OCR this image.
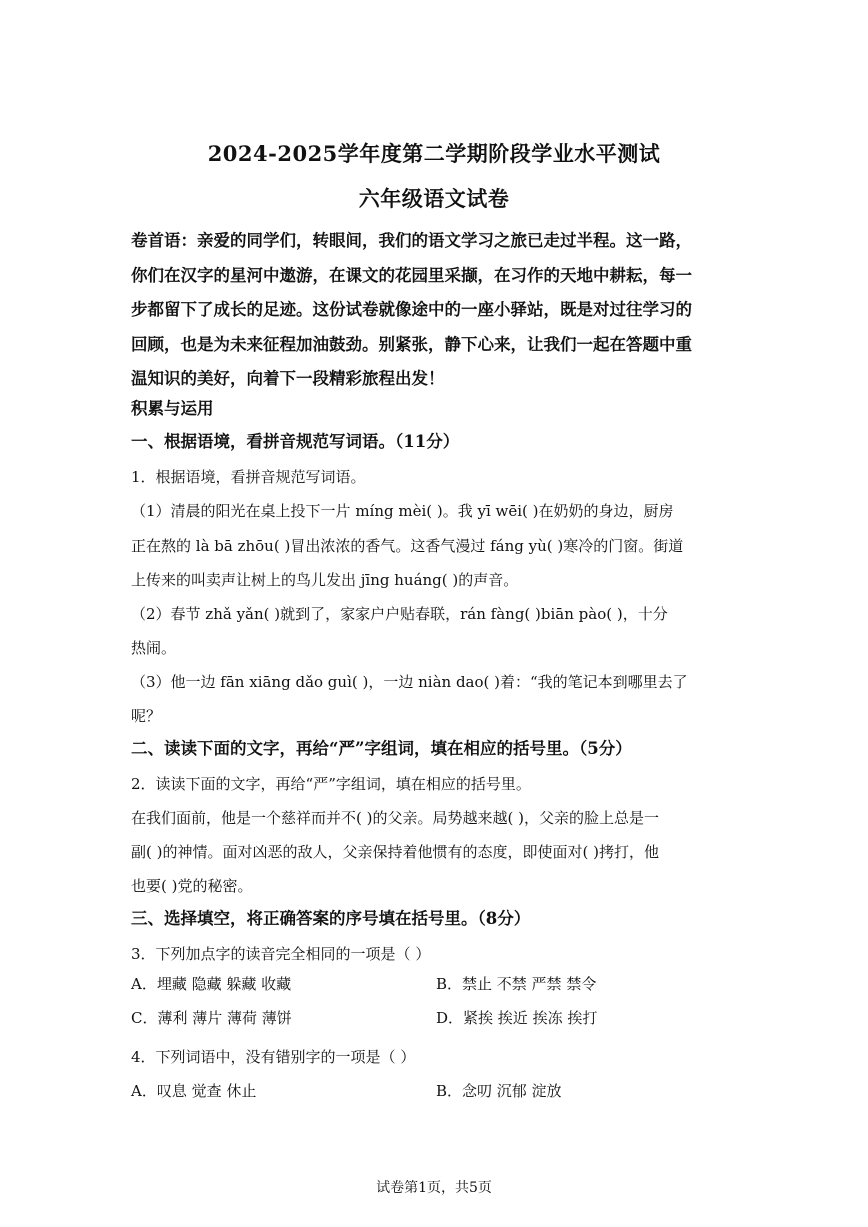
2024-2025学年度第二学期阶段学业水平测试
六年级语文试卷
卷首语：亲爱的同学们，转眼间，我们的语文学习之旅已走过半程。这一路，
你们在汉字的星河中遨游，在课文的花园里采撷，在习作的天地中耕耘，每一
步都留下了成长的足迹。这份试卷就像途中的一座小驿站，既是对过往学习的
回顾，也是为未来征程加油鼓劲。别紧张，静下心来，让我们一起在答题中重
温知识的美好，向着下一段精彩旅程出发！
积累与运用
一、根据语境，看拼音规范写词语。（11分）
1．根据语境，看拼音规范写词语。
（1）清晨的阳光在桌上投下一片 míng mèi( )。我 yī wēi( )在奶奶的身边，厨房
正在熬的 là bā zhōu( )冒出浓浓的香气。这香气漫过 fáng yù( )寒冷的门窗。街道
上传来的叫卖声让树上的鸟儿发出 jīng huáng( )的声音。
（2）春节 zhǎ yǎn( )就到了，家家户户贴春联，rán fàng( )biān pào( )，十分
热闹。
（3）他一边 fān xiāng dǎo guì( )，一边 niàn dao( )着：“我的笔记本到哪里去了
呢？
二、读读下面的文字，再给“严”字组词，填在相应的括号里。（5分）
2．读读下面的文字，再给“严”字组词，填在相应的括号里。
在我们面前，他是一个慈祥而并不( )的父亲。局势越来越( )，父亲的脸上总是一
副( )的神情。面对凶恶的敌人，父亲保持着他惯有的态度，即使面对( )拷打，他
也要( )党的秘密。
三、选择填空，将正确答案的序号填在括号里。（8分）
3．下列加点字的读音完全相同的一项是（ ）
A．埋藏 隐藏 躲藏 收藏	B．禁止 不禁 严禁 禁令
C．薄利 薄片 薄荷 薄饼	D．紧挨 挨近 挨冻 挨打
4．下列词语中，没有错别字的一项是（ ）
A．叹息 觉查 休止	B．念叨 沉郁 淀放
试卷第1页，共5页
